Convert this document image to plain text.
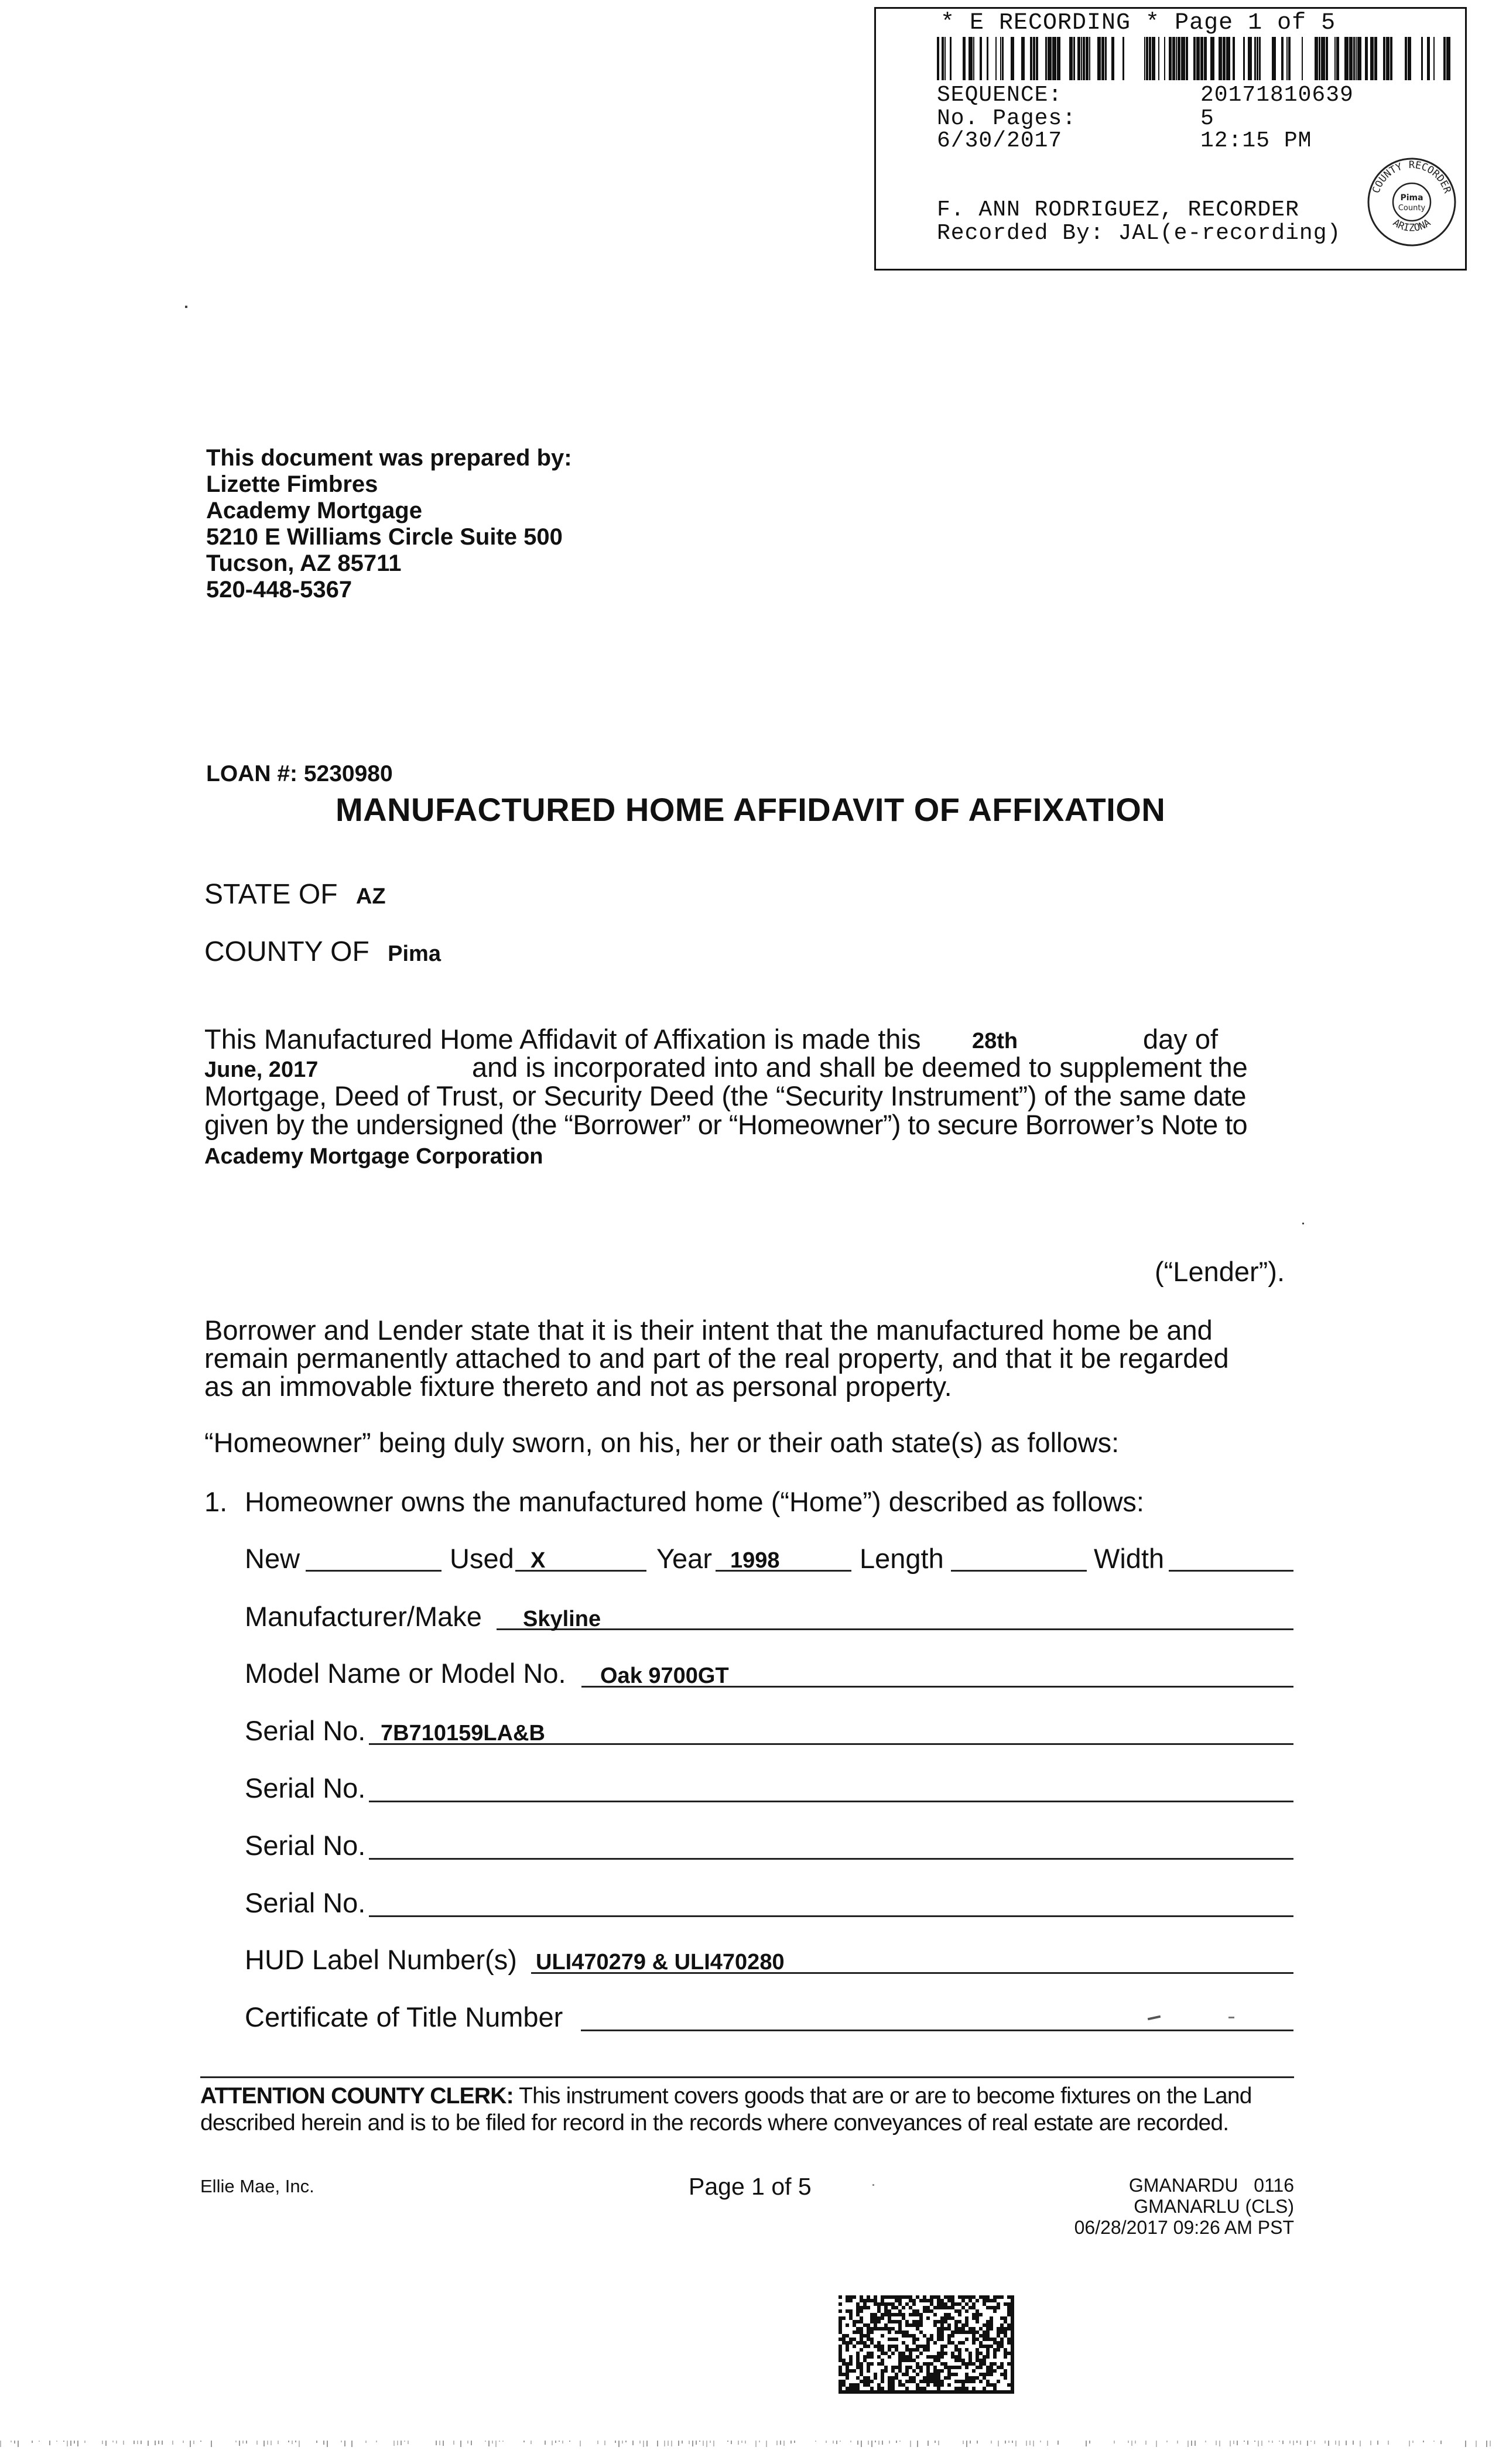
* E RECORDING * Page 1 of 5
SEQUENCE:	20171810639
No. Pages:	5
6/30/2017	12:15 PM
F. ANN RODRIGUEZ, RECORDER
Recorded By: JAL(e-recording)
COUNTY RECORDER
ARIZONA
Pima
County
This document was prepared by:
Lizette Fimbres
Academy Mortgage
5210 E Williams Circle Suite 500
Tucson, AZ 85711
520-448-5367
LOAN #: 5230980
MANUFACTURED HOME AFFIDAVIT OF AFFIXATION
STATE OF AZ
COUNTY OF Pima
This Manufactured Home Affidavit of Affixation is made this 28th	day of
June, 2017	and is incorporated into and shall be deemed to supplement the
Mortgage, Deed of Trust, or Security Deed (the “Security Instrument”) of the same date
given by the undersigned (the “Borrower” or “Homeowner”) to secure Borrower’s Note to
Academy Mortgage Corporation
(“Lender”).
Borrower and Lender state that it is their intent that the manufactured home be and
remain permanently attached to and part of the real property, and that it be regarded
as an immovable fixture thereto and not as personal property.
“Homeowner” being duly sworn, on his, her or their oath state(s) as follows:
1. Homeowner owns the manufactured home (“Home”) described as follows:
New	Used X	Year 1998	Length	Width
Manufacturer/Make Skyline
Model Name or Model No. Oak 9700GT
Serial No. 7B710159LA&B
Serial No.
Serial No.
Serial No.
HUD Label Number(s) ULI470279 & ULI470280
Certificate of Title Number
ATTENTION COUNTY CLERK: This instrument covers goods that are or are to become fixtures on the Land
described herein and is to be filed for record in the records where conveyances of real estate are recorded.
Ellie Mae, Inc.	Page 1 of 5	GMANARDU   0116
GMANARLU (CLS)
06/28/2017 09:26 AM PST
